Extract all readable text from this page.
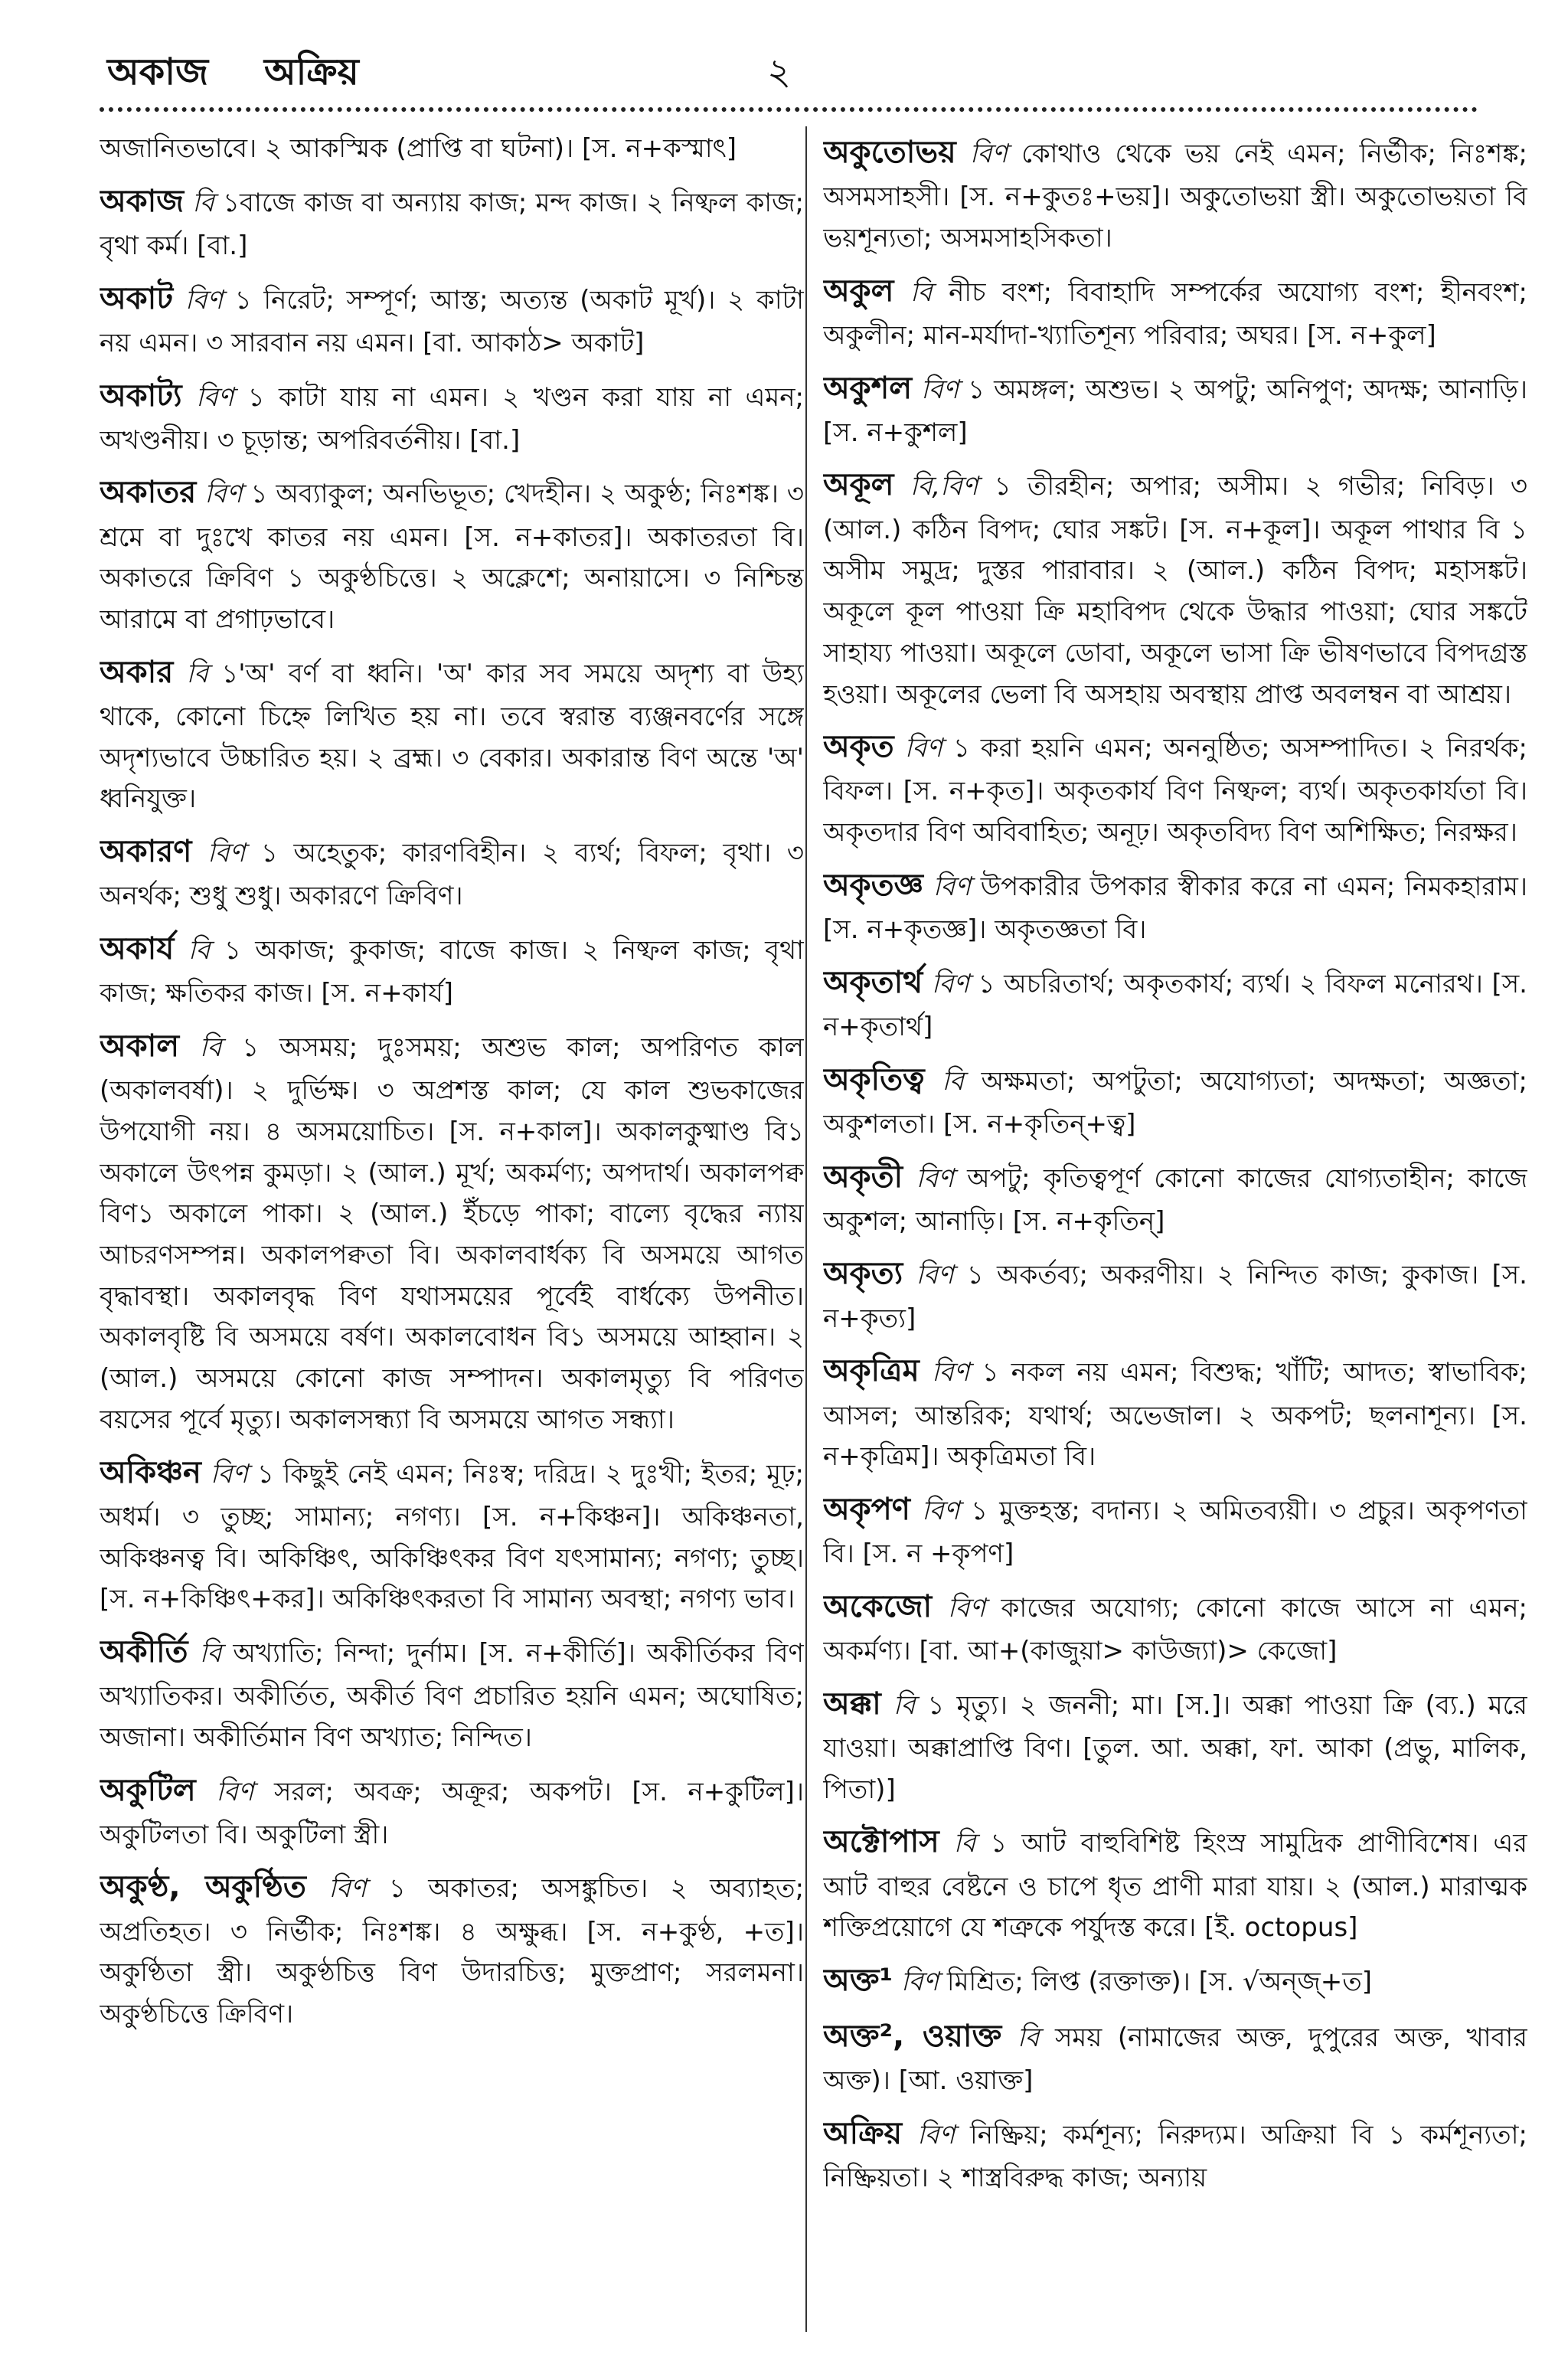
অকাজ অক্রিয়	২

অজানিতভাবে। ২ আকস্মিক (প্রাপ্তি বা ঘটনা)। [স. ন+কস্মাৎ]

অকাজ বি ১বাজে কাজ বা অন্যায় কাজ; মন্দ কাজ। ২ নিষ্ফল কাজ; বৃথা কর্ম। [বা.]

অকাট বিণ ১ নিরেট; সম্পূর্ণ; আস্ত; অত্যন্ত (অকাট মূর্খ)। ২ কাটা নয় এমন। ৩ সারবান নয় এমন। [বা. আকাঠ> অকাট]

অকাট্য বিণ ১ কাটা যায় না এমন। ২ খণ্ডন করা যায় না এমন; অখণ্ডনীয়। ৩ চূড়ান্ত; অপরিবর্তনীয়। [বা.]

অকাতর বিণ ১ অব্যাকুল; অনভিভূত; খেদহীন। ২ অকুণ্ঠ; নিঃশঙ্ক। ৩ শ্রমে বা দুঃখে কাতর নয় এমন। [স. ন+কাতর]। অকাতরতা বি। অকাতরে ক্রিবিণ ১ অকুণ্ঠচিত্তে। ২ অক্লেশে; অনায়াসে। ৩ নিশ্চিন্ত আরামে বা প্রগাঢ়ভাবে।

অকার বি ১'অ' বর্ণ বা ধ্বনি। 'অ' কার সব সময়ে অদৃশ্য বা উহ্য থাকে, কোনো চিহ্নে লিখিত হয় না। তবে স্বরান্ত ব্যঞ্জনবর্ণের সঙ্গে অদৃশ্যভাবে উচ্চারিত হয়। ২ ব্রহ্ম। ৩ বেকার। অকারান্ত বিণ অন্তে 'অ' ধ্বনিযুক্ত।

অকারণ বিণ ১ অহেতুক; কারণবিহীন। ২ ব্যর্থ; বিফল; বৃথা। ৩ অনর্থক; শুধু শুধু। অকারণে ক্রিবিণ।

অকার্য বি ১ অকাজ; কুকাজ; বাজে কাজ। ২ নিষ্ফল কাজ; বৃথা কাজ; ক্ষতিকর কাজ। [স. ন+কার্য]

অকাল বি ১ অসময়; দুঃসময়; অশুভ কাল; অপরিণত কাল (অকালবর্ষা)। ২ দুর্ভিক্ষ। ৩ অপ্রশস্ত কাল; যে কাল শুভকাজের উপযোগী নয়। ৪ অসময়োচিত। [স. ন+কাল]। অকালকুষ্মাণ্ড বি১ অকালে উৎপন্ন কুমড়া। ২ (আল.) মূর্খ; অকর্মণ্য; অপদার্থ। অকালপক্ব বিণ১ অকালে পাকা। ২ (আল.) ইঁচড়ে পাকা; বাল্যে বৃদ্ধের ন্যায় আচরণসম্পন্ন। অকালপক্বতা বি। অকালবার্ধক্য বি অসময়ে আগত বৃদ্ধাবস্থা। অকালবৃদ্ধ বিণ যথাসময়ের পূর্বেই বার্ধক্যে উপনীত। অকালবৃষ্টি বি অসময়ে বর্ষণ। অকালবোধন বি১ অসময়ে আহ্বান। ২ (আল.) অসময়ে কোনো কাজ সম্পাদন। অকালমৃত্যু বি পরিণত বয়সের পূর্বে মৃত্যু। অকালসন্ধ্যা বি অসময়ে আগত সন্ধ্যা।

অকিঞ্চন বিণ ১ কিছুই নেই এমন; নিঃস্ব; দরিদ্র। ২ দুঃখী; ইতর; মূঢ়; অধর্ম। ৩ তুচ্ছ; সামান্য; নগণ্য। [স. ন+কিঞ্চন]। অকিঞ্চনতা, অকিঞ্চনত্ব বি। অকিঞ্চিৎ, অকিঞ্চিৎকর বিণ যৎসামান্য; নগণ্য; তুচ্ছ। [স. ন+কিঞ্চিৎ+কর]। অকিঞ্চিৎকরতা বি সামান্য অবস্থা; নগণ্য ভাব।

অকীর্তি বি অখ্যাতি; নিন্দা; দুর্নাম। [স. ন+কীর্তি]। অকীর্তিকর বিণ অখ্যাতিকর। অকীর্তিত, অকীর্ত বিণ প্রচারিত হয়নি এমন; অঘোষিত; অজানা। অকীর্তিমান বিণ অখ্যাত; নিন্দিত।

অকুটিল বিণ সরল; অবক্র; অক্রূর; অকপট। [স. ন+কুটিল]। অকুটিলতা বি। অকুটিলা স্ত্রী।

অকুণ্ঠ, অকুণ্ঠিত বিণ ১ অকাতর; অসঙ্কুচিত। ২ অব্যাহত; অপ্রতিহত। ৩ নির্ভীক; নিঃশঙ্ক। ৪ অক্ষুব্ধ। [স. ন+কুণ্ঠ, +ত]। অকুণ্ঠিতা স্ত্রী। অকুণ্ঠচিত্ত বিণ উদারচিত্ত; মুক্তপ্রাণ; সরলমনা। অকুণ্ঠচিত্তে ক্রিবিণ।

অকুতোভয় বিণ কোথাও থেকে ভয় নেই এমন; নির্ভীক; নিঃশঙ্ক; অসমসাহসী। [স. ন+কুতঃ+ভয়]। অকুতোভয়া স্ত্রী। অকুতোভয়তা বি ভয়শূন্যতা; অসমসাহসিকতা।

অকুল বি নীচ বংশ; বিবাহাদি সম্পর্কের অযোগ্য বংশ; হীনবংশ; অকুলীন; মান-মর্যাদা-খ্যাতিশূন্য পরিবার; অঘর। [স. ন+কুল]

অকুশল বিণ ১ অমঙ্গল; অশুভ। ২ অপটু; অনিপুণ; অদক্ষ; আনাড়ি। [স. ন+কুশল]

অকূল বি,বিণ ১ তীরহীন; অপার; অসীম। ২ গভীর; নিবিড়। ৩ (আল.) কঠিন বিপদ; ঘোর সঙ্কট। [স. ন+কূল]। অকূল পাথার বি ১ অসীম সমুদ্র; দুস্তর পারাবার। ২ (আল.) কঠিন বিপদ; মহাসঙ্কট। অকূলে কূল পাওয়া ক্রি মহাবিপদ থেকে উদ্ধার পাওয়া; ঘোর সঙ্কটে সাহায্য পাওয়া। অকূলে ডোবা, অকূলে ভাসা ক্রি ভীষণভাবে বিপদগ্রস্ত হওয়া। অকূলের ভেলা বি অসহায় অবস্থায় প্রাপ্ত অবলম্বন বা আশ্রয়।

অকৃত বিণ ১ করা হয়নি এমন; অননুষ্ঠিত; অসম্পাদিত। ২ নিরর্থক; বিফল। [স. ন+কৃত]। অকৃতকার্য বিণ নিষ্ফল; ব্যর্থ। অকৃতকার্যতা বি। অকৃতদার বিণ অবিবাহিত; অনূঢ়। অকৃতবিদ্য বিণ অশিক্ষিত; নিরক্ষর।

অকৃতজ্ঞ বিণ উপকারীর উপকার স্বীকার করে না এমন; নিমকহারাম। [স. ন+কৃতজ্ঞ]। অকৃতজ্ঞতা বি।

অকৃতার্থ বিণ ১ অচরিতার্থ; অকৃতকার্য; ব্যর্থ। ২ বিফল মনোরথ। [স. ন+কৃতার্থ]

অকৃতিত্ব বি অক্ষমতা; অপটুতা; অযোগ্যতা; অদক্ষতা; অজ্ঞতা; অকুশলতা। [স. ন+কৃতিন্+ত্ব]

অকৃতী বিণ অপটু; কৃতিত্বপূর্ণ কোনো কাজের যোগ্যতাহীন; কাজে অকুশল; আনাড়ি। [স. ন+কৃতিন্]

অকৃত্য বিণ ১ অকর্তব্য; অকরণীয়। ২ নিন্দিত কাজ; কুকাজ। [স. ন+কৃত্য]

অকৃত্রিম বিণ ১ নকল নয় এমন; বিশুদ্ধ; খাঁটি; আদত; স্বাভাবিক; আসল; আন্তরিক; যথার্থ; অভেজাল। ২ অকপট; ছলনাশূন্য। [স. ন+কৃত্রিম]। অকৃত্রিমতা বি।

অকৃপণ বিণ ১ মুক্তহস্ত; বদান্য। ২ অমিতব্যয়ী। ৩ প্রচুর। অকৃপণতা বি। [স. ন +কৃপণ]

অকেজো বিণ কাজের অযোগ্য; কোনো কাজে আসে না এমন; অকর্মণ্য। [বা. আ+(কাজুয়া> কাউজ্যা)> কেজো]

অক্কা বি ১ মৃত্যু। ২ জননী; মা। [স.]। অক্কা পাওয়া ক্রি (ব্য.) মরে যাওয়া। অক্কাপ্রাপ্তি বিণ। [তুল. আ. অক্কা, ফা. আকা (প্রভু, মালিক, পিতা)]

অক্টোপাস বি ১ আট বাহুবিশিষ্ট হিংস্র সামুদ্রিক প্রাণীবিশেষ। এর আট বাহুর বেষ্টনে ও চাপে ধৃত প্রাণী মারা যায়। ২ (আল.) মারাত্মক শক্তিপ্রয়োগে যে শত্রুকে পর্যুদস্ত করে। [ই. octopus]

অক্ত¹ বিণ মিশ্রিত; লিপ্ত (রক্তাক্ত)। [স. √অন্জ্+ত]

অক্ত², ওয়াক্ত বি সময় (নামাজের অক্ত, দুপুরের অক্ত, খাবার অক্ত)। [আ. ওয়াক্ত]

অক্রিয় বিণ নিষ্ক্রিয়; কর্মশূন্য; নিরুদ্যম। অক্রিয়া বি ১ কর্মশূন্যতা; নিষ্ক্রিয়তা। ২ শাস্ত্রবিরুদ্ধ কাজ; অন্যায়
